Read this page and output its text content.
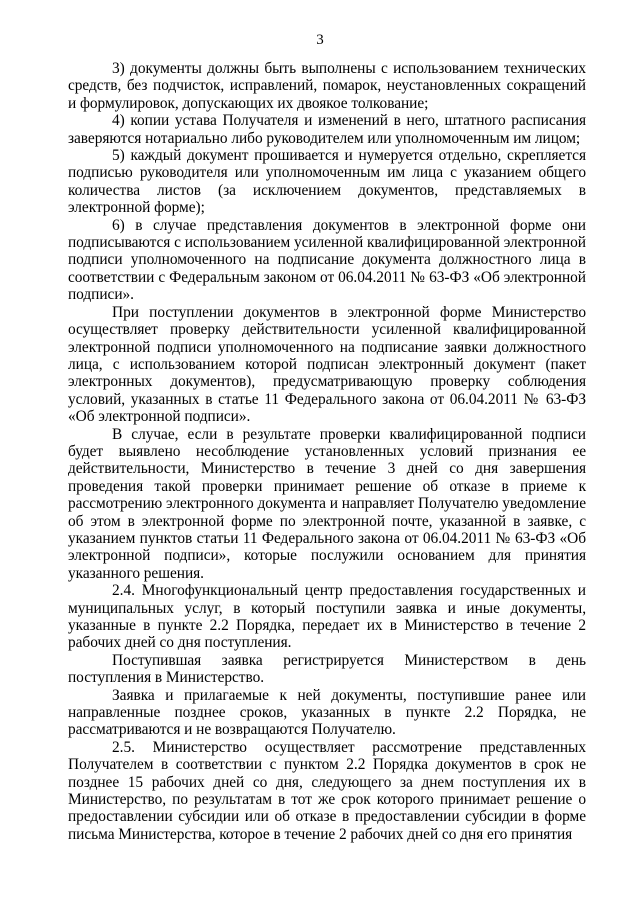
3

3) документы должны быть выполнены с использованием технических средств, без подчисток, исправлений, помарок, неустановленных сокращений и формулировок, допускающих их двоякое толкование;

4) копии устава Получателя и изменений в него, штатного расписания заверяются нотариально либо руководителем или уполномоченным им лицом;

5) каждый документ прошивается и нумеруется отдельно, скрепляется подписью руководителя или уполномоченным им лица с указанием общего количества листов (за исключением документов, представляемых в электронной форме);

6) в случае представления документов в электронной форме они подписываются с использованием усиленной квалифицированной электронной подписи уполномоченного на подписание документа должностного лица в соответствии с Федеральным законом от 06.04.2011 № 63-ФЗ «Об электронной подписи».

При поступлении документов в электронной форме Министерство осуществляет проверку действительности усиленной квалифицированной электронной подписи уполномоченного на подписание заявки должностного лица, с использованием которой подписан электронный документ (пакет электронных документов), предусматривающую проверку соблюдения условий, указанных в статье 11 Федерального закона от 06.04.2011 № 63-ФЗ «Об электронной подписи».

В случае, если в результате проверки квалифицированной подписи будет выявлено несоблюдение установленных условий признания ее действительности, Министерство в течение 3 дней со дня завершения проведения такой проверки принимает решение об отказе в приеме к рассмотрению электронного документа и направляет Получателю уведомление об этом в электронной форме по электронной почте, указанной в заявке, с указанием пунктов статьи 11 Федерального закона от 06.04.2011 № 63-ФЗ «Об электронной подписи», которые послужили основанием для принятия указанного решения.

2.4. Многофункциональный центр предоставления государственных и муниципальных услуг, в который поступили заявка и иные документы, указанные в пункте 2.2 Порядка, передает их в Министерство в течение 2 рабочих дней со дня поступления.

Поступившая заявка регистрируется Министерством в день поступления в Министерство.

Заявка и прилагаемые к ней документы, поступившие ранее или направленные позднее сроков, указанных в пункте 2.2 Порядка, не рассматриваются и не возвращаются Получателю.

2.5. Министерство осуществляет рассмотрение представленных Получателем в соответствии с пунктом 2.2 Порядка документов в срок не позднее 15 рабочих дней со дня, следующего за днем поступления их в Министерство, по результатам в тот же срок которого принимает решение о предоставлении субсидии или об отказе в предоставлении субсидии в форме письма Министерства, которое в течение 2 рабочих дней со дня его принятия
